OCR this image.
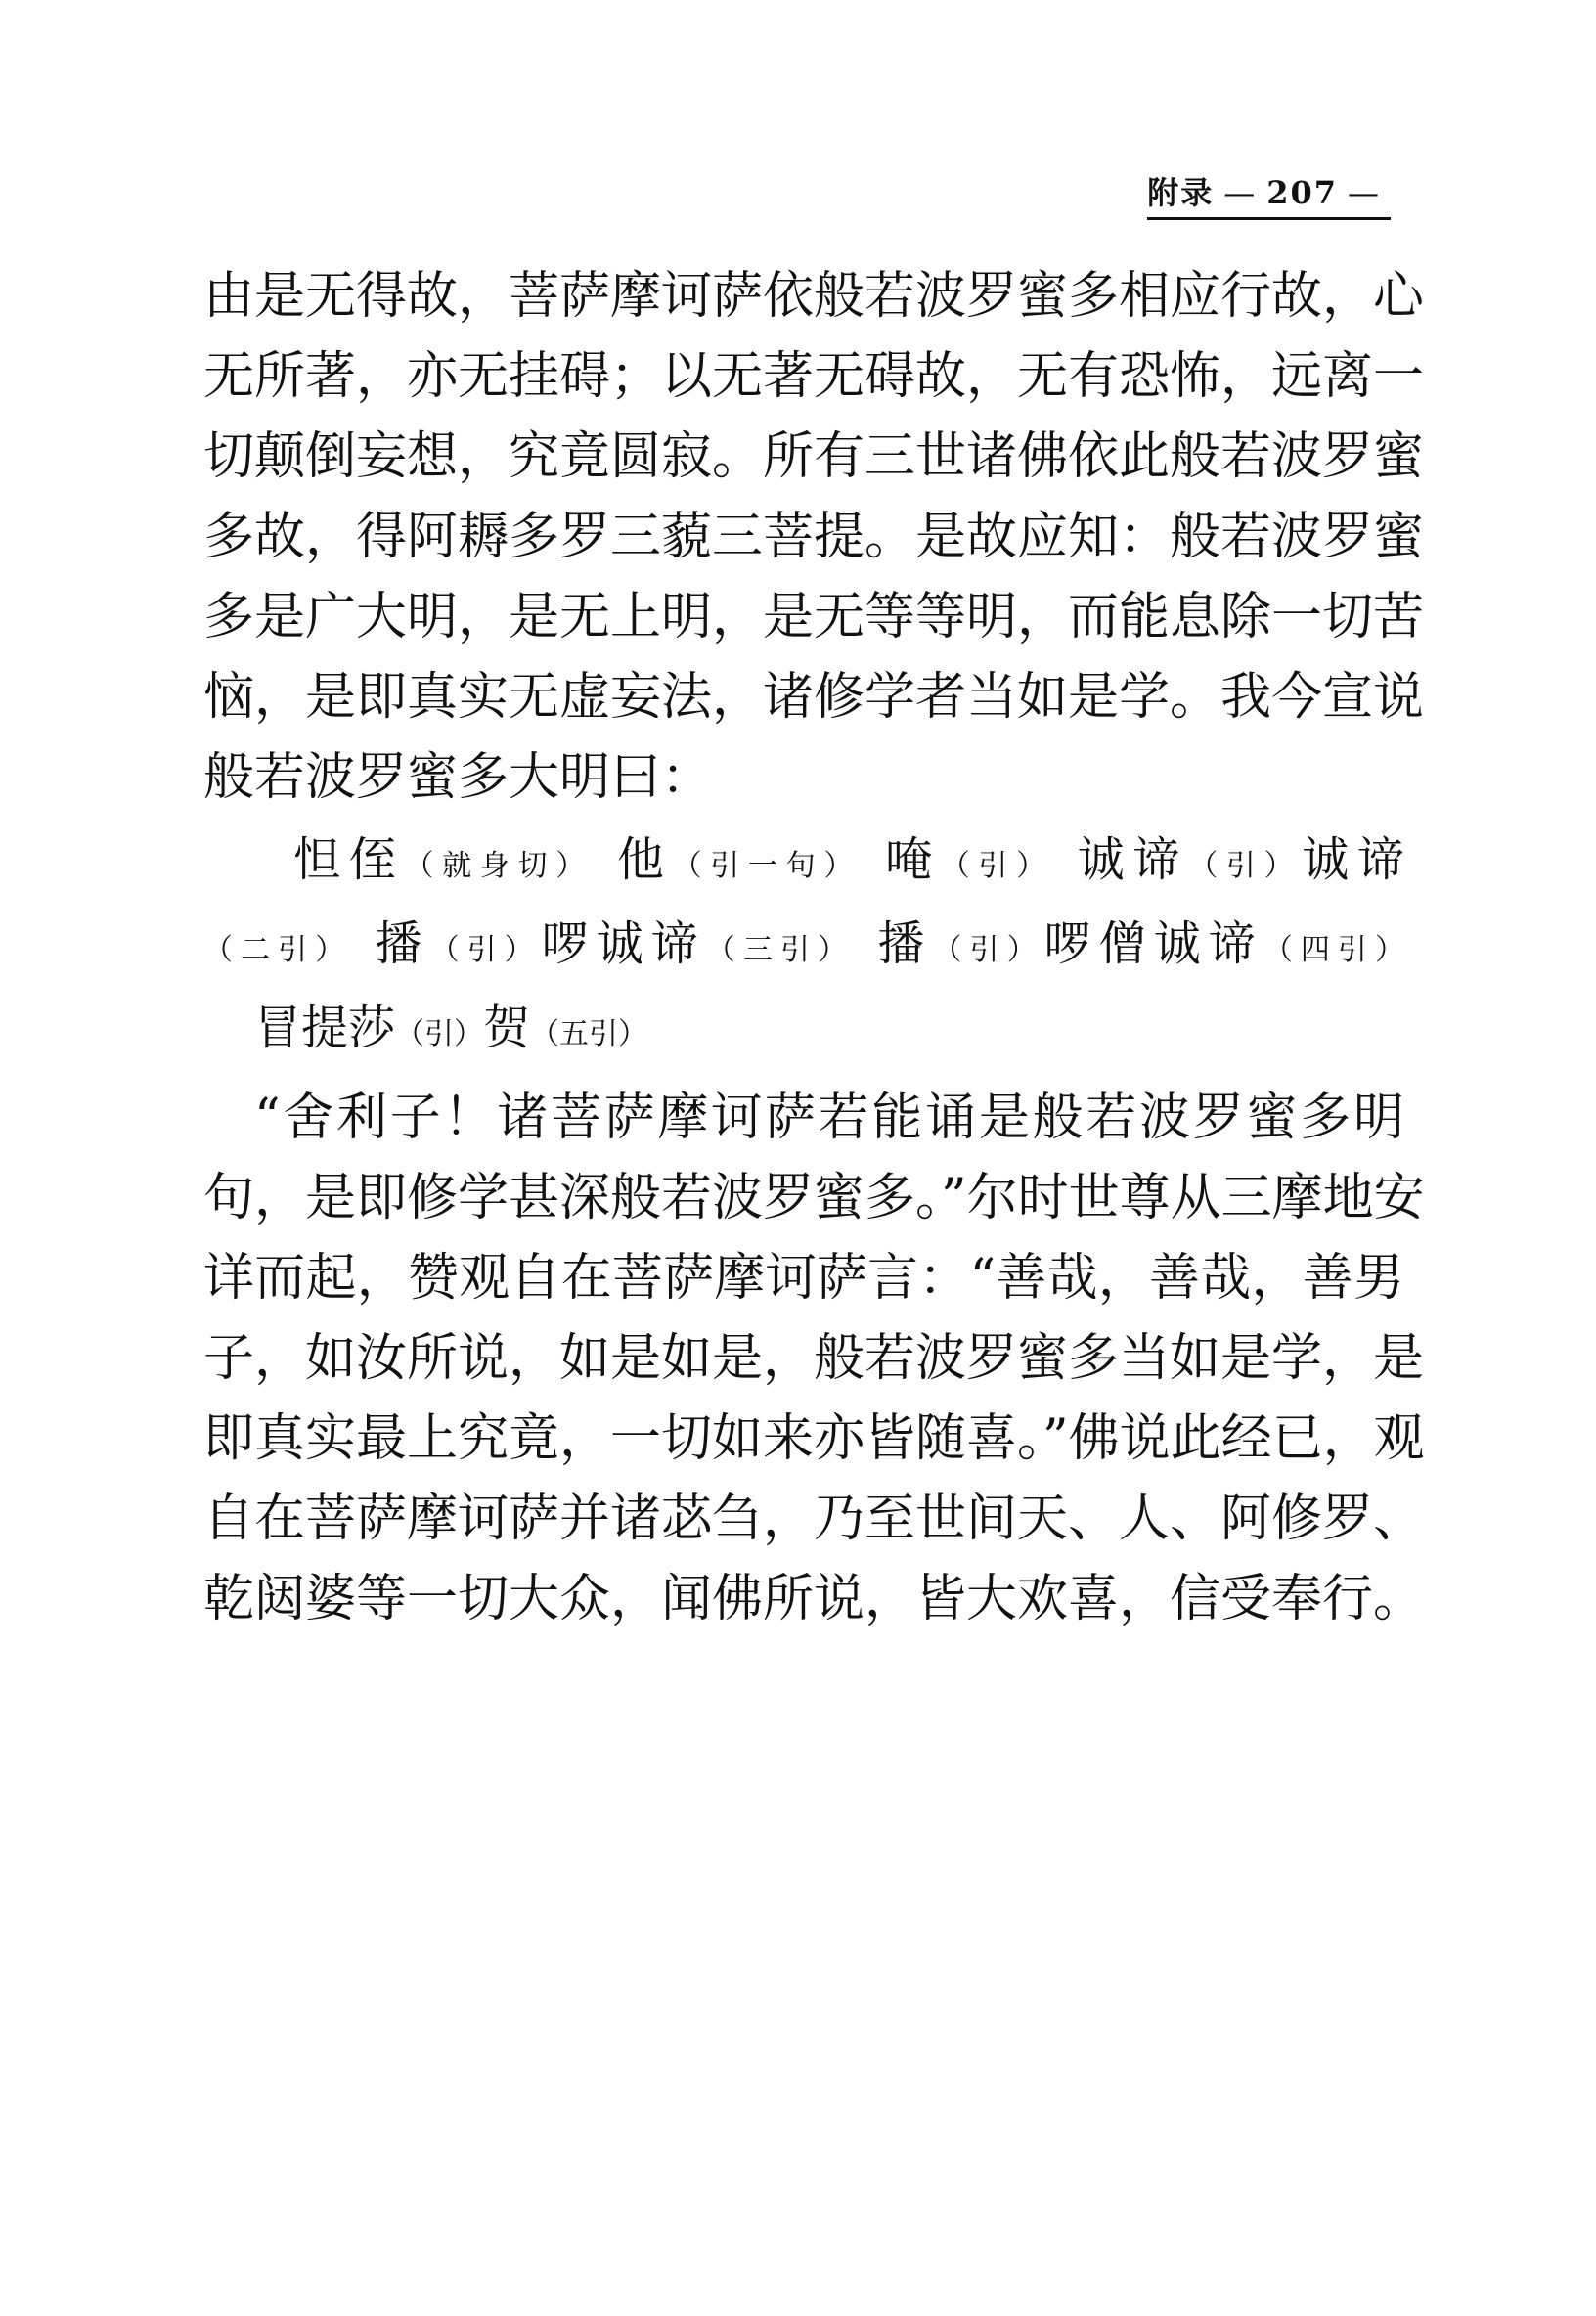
附录 — 207 —
由是无得故，菩萨摩诃萨依般若波罗蜜多相应行故，心
无所著，亦无挂碍；以无著无碍故，无有恐怖，远离一
切颠倒妄想，究竟圆寂。所有三世诸佛依此般若波罗蜜
多故，得阿耨多罗三藐三菩提。是故应知：般若波罗蜜
多是广大明，是无上明，是无等等明，而能息除一切苦
恼，是即真实无虚妄法，诸修学者当如是学。我今宣说
般若波罗蜜多大明曰：
怛侄（就身切） 他（引一句） 唵（引） 诚谛（引）诚谛
（二引） 播（引）啰诚谛（三引） 播（引）啰僧诚谛（四引）
冒提莎（引）贺（五引）
“舍利子！诸菩萨摩诃萨若能诵是般若波罗蜜多明
句，是即修学甚深般若波罗蜜多。”尔时世尊从三摩地安
详而起，赞观自在菩萨摩诃萨言：“善哉，善哉，善男
子，如汝所说，如是如是，般若波罗蜜多当如是学，是
即真实最上究竟，一切如来亦皆随喜。”佛说此经已，观
自在菩萨摩诃萨并诸苾刍，乃至世间天、人、阿修罗、
乾闼婆等一切大众，闻佛所说，皆大欢喜，信受奉行。
